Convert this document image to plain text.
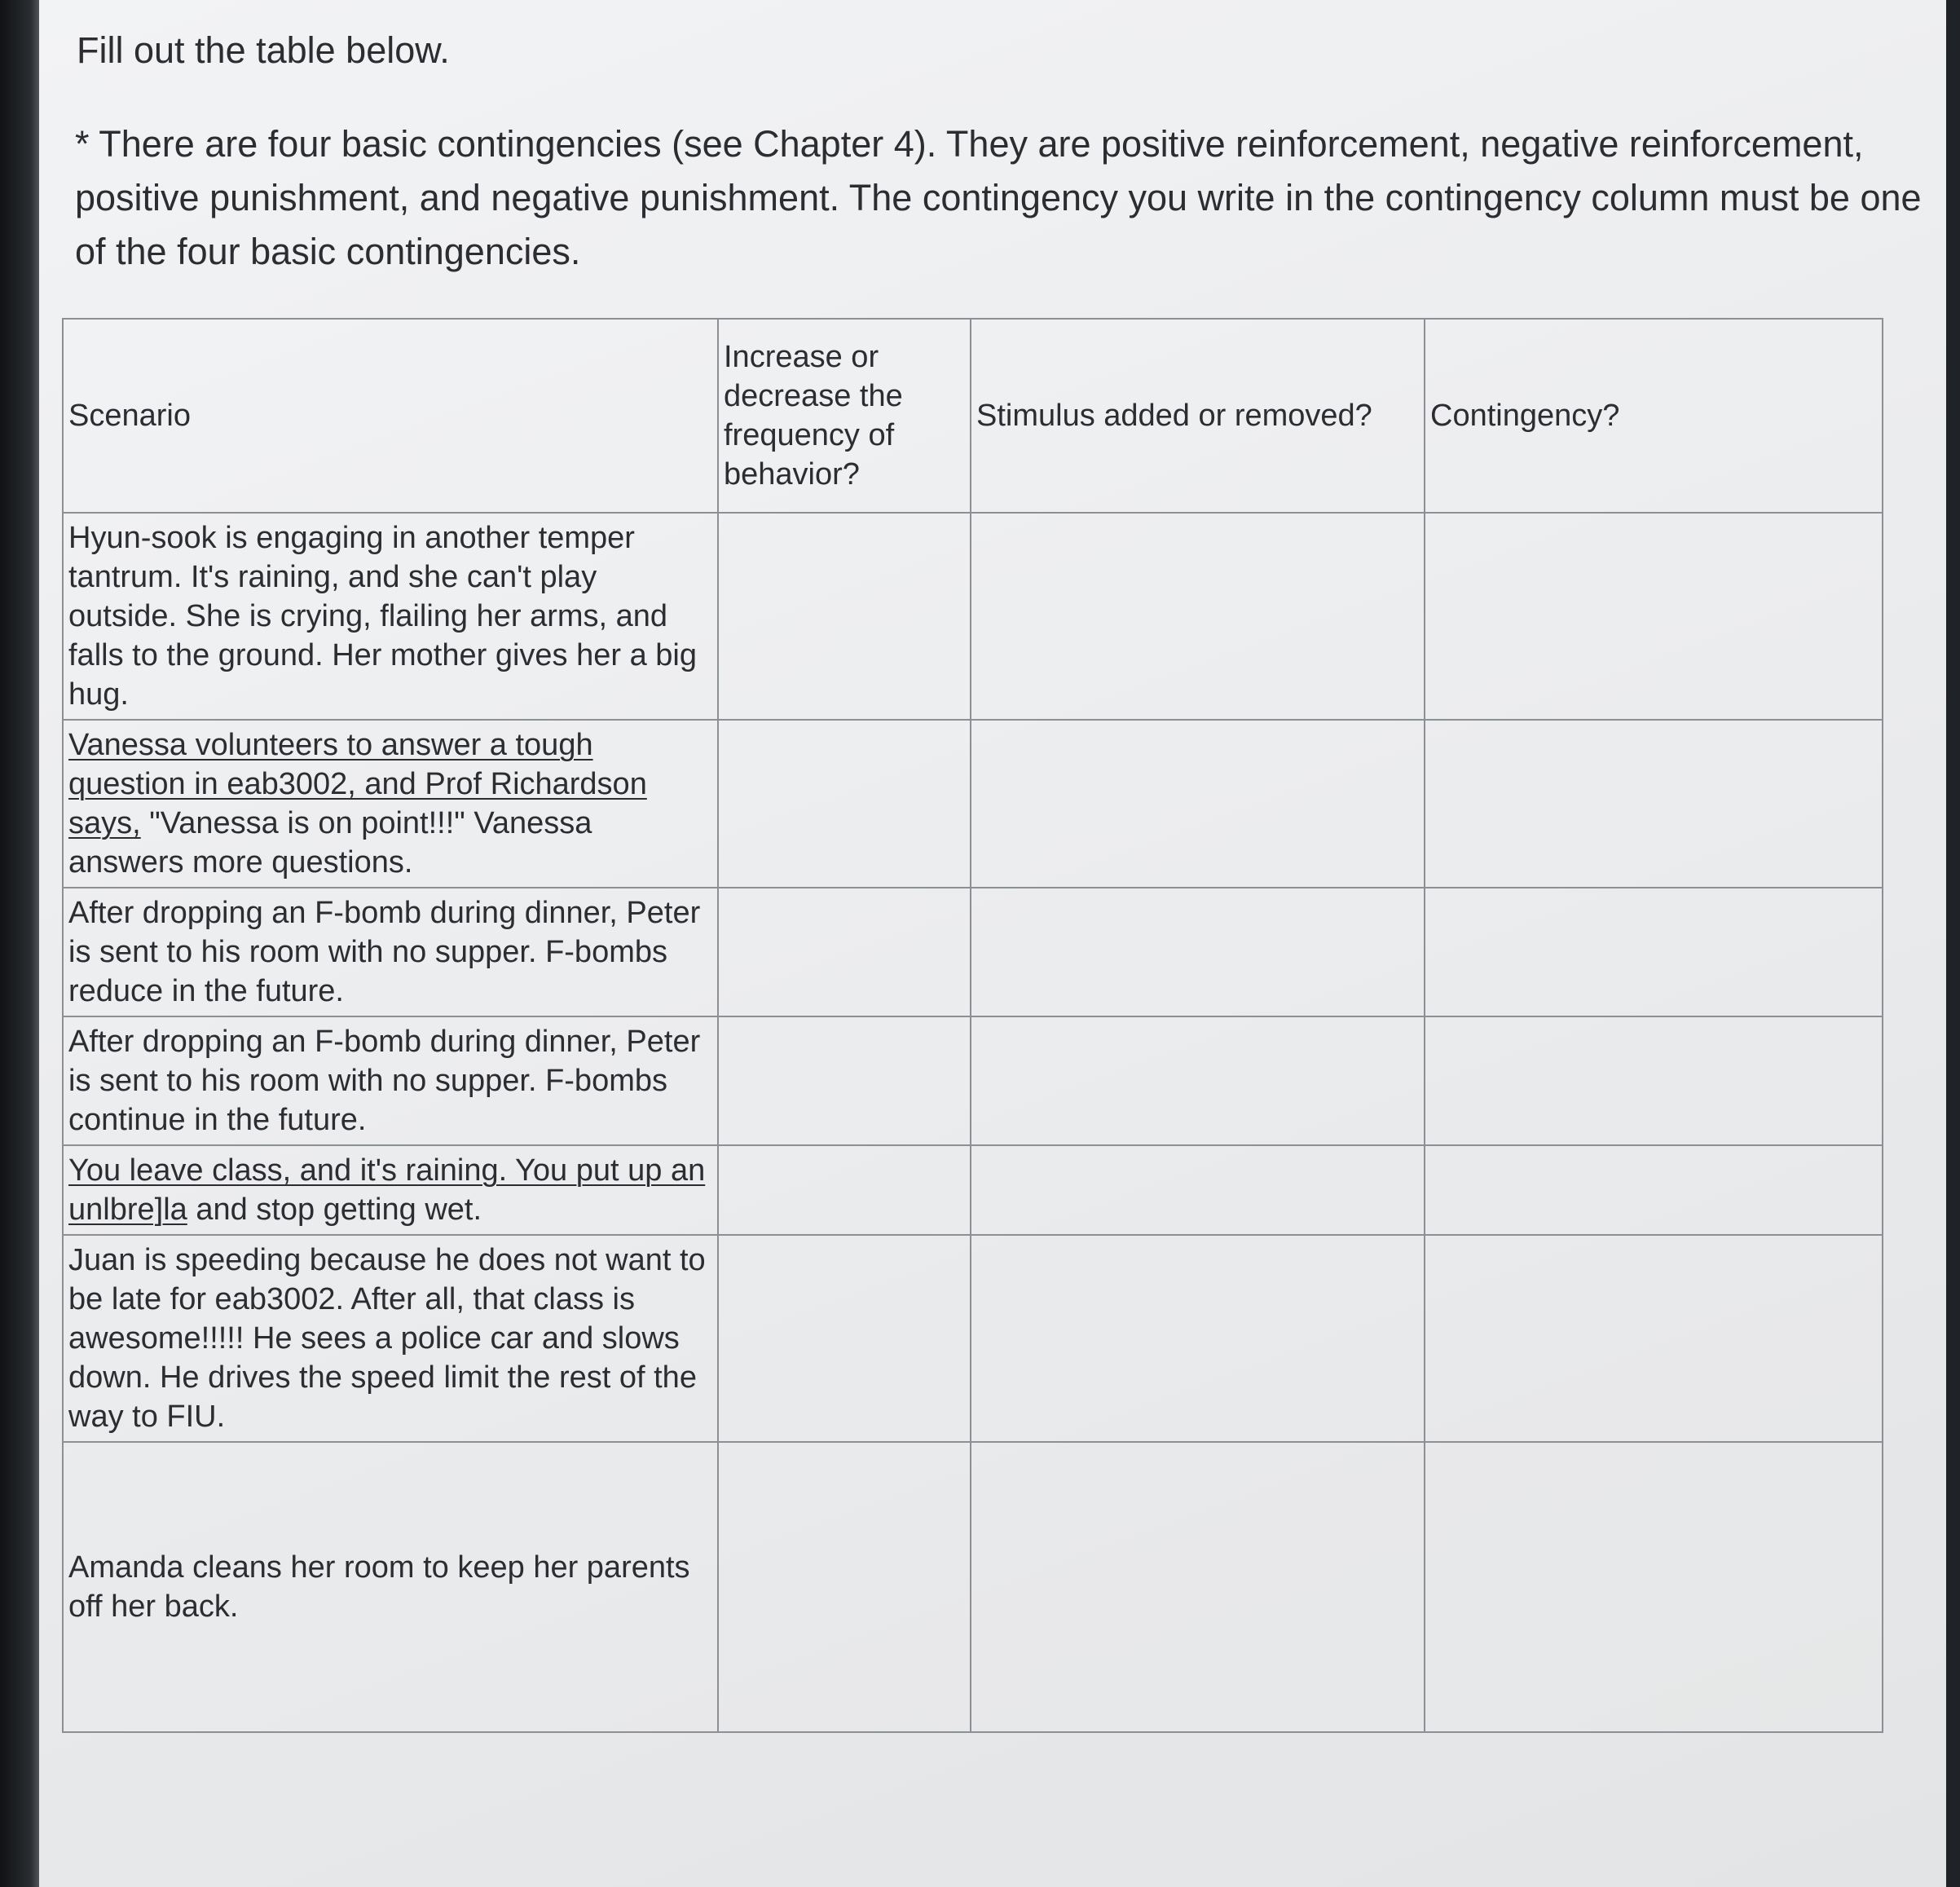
Fill out the table below.

* There are four basic contingencies (see Chapter 4). They are positive reinforcement, negative reinforcement, positive punishment, and negative punishment. The contingency you write in the contingency column must be one of the four basic contingencies.

Scenario	Increase or decrease the frequency of behavior?	Stimulus added or removed?	Contingency?
Hyun-sook is engaging in another temper tantrum. It's raining, and she can't play outside. She is crying, flailing her arms, and falls to the ground. Her mother gives her a big hug.			
Vanessa volunteers to answer a tough question in eab3002, and Prof Richardson says, "Vanessa is on point!!!" Vanessa answers more questions.			
After dropping an F-bomb during dinner, Peter is sent to his room with no supper. F-bombs reduce in the future.			
After dropping an F-bomb during dinner, Peter is sent to his room with no supper. F-bombs continue in the future.			
You leave class, and it's raining. You put up an unlbre]la and stop getting wet.			
Juan is speeding because he does not want to be late for eab3002. After all, that class is awesome!!!!! He sees a police car and slows down. He drives the speed limit the rest of the way to FIU.			
Amanda cleans her room to keep her parents off her back.			
